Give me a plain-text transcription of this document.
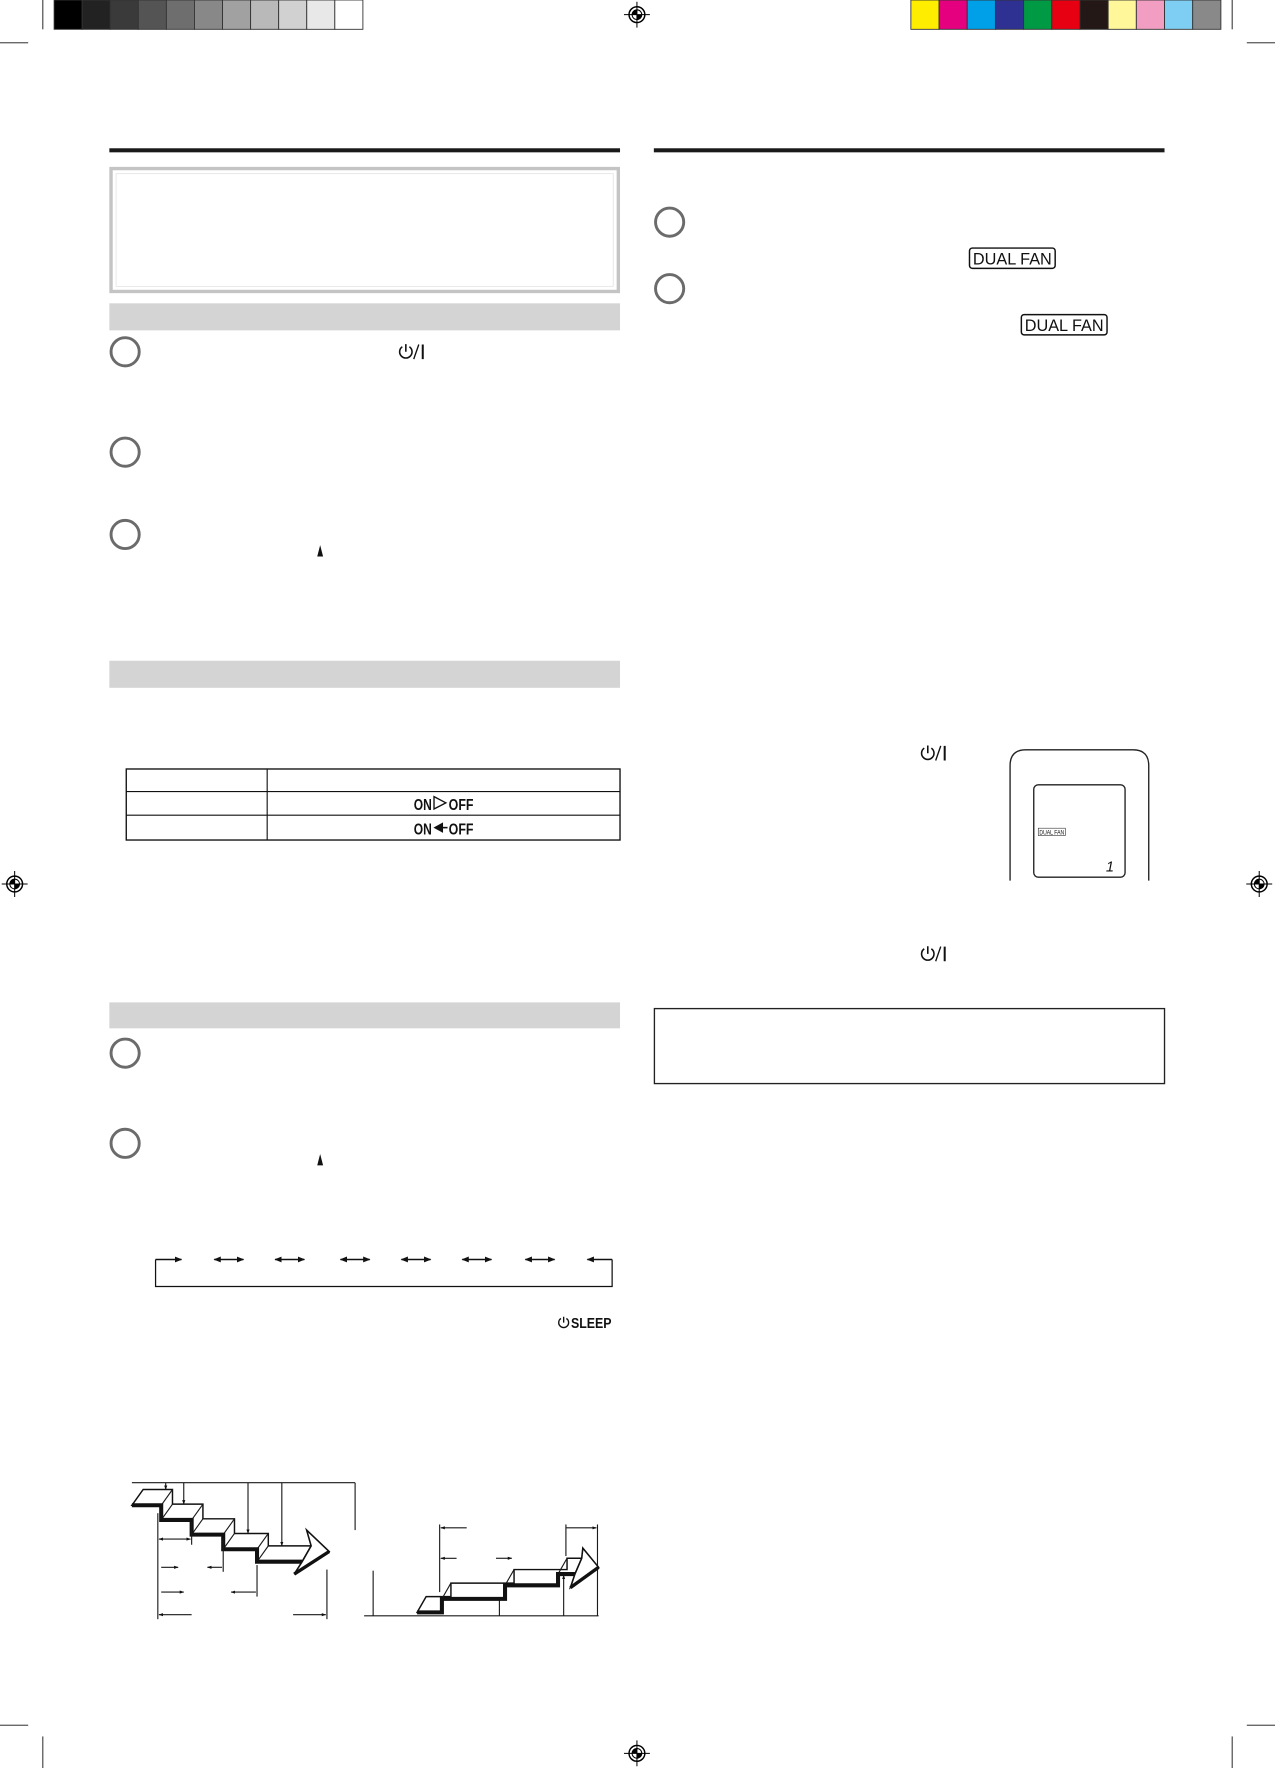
ON OFF
ON OFF
SLEEP
DUAL FAN
DUAL FAN
DUAL FAN
1
